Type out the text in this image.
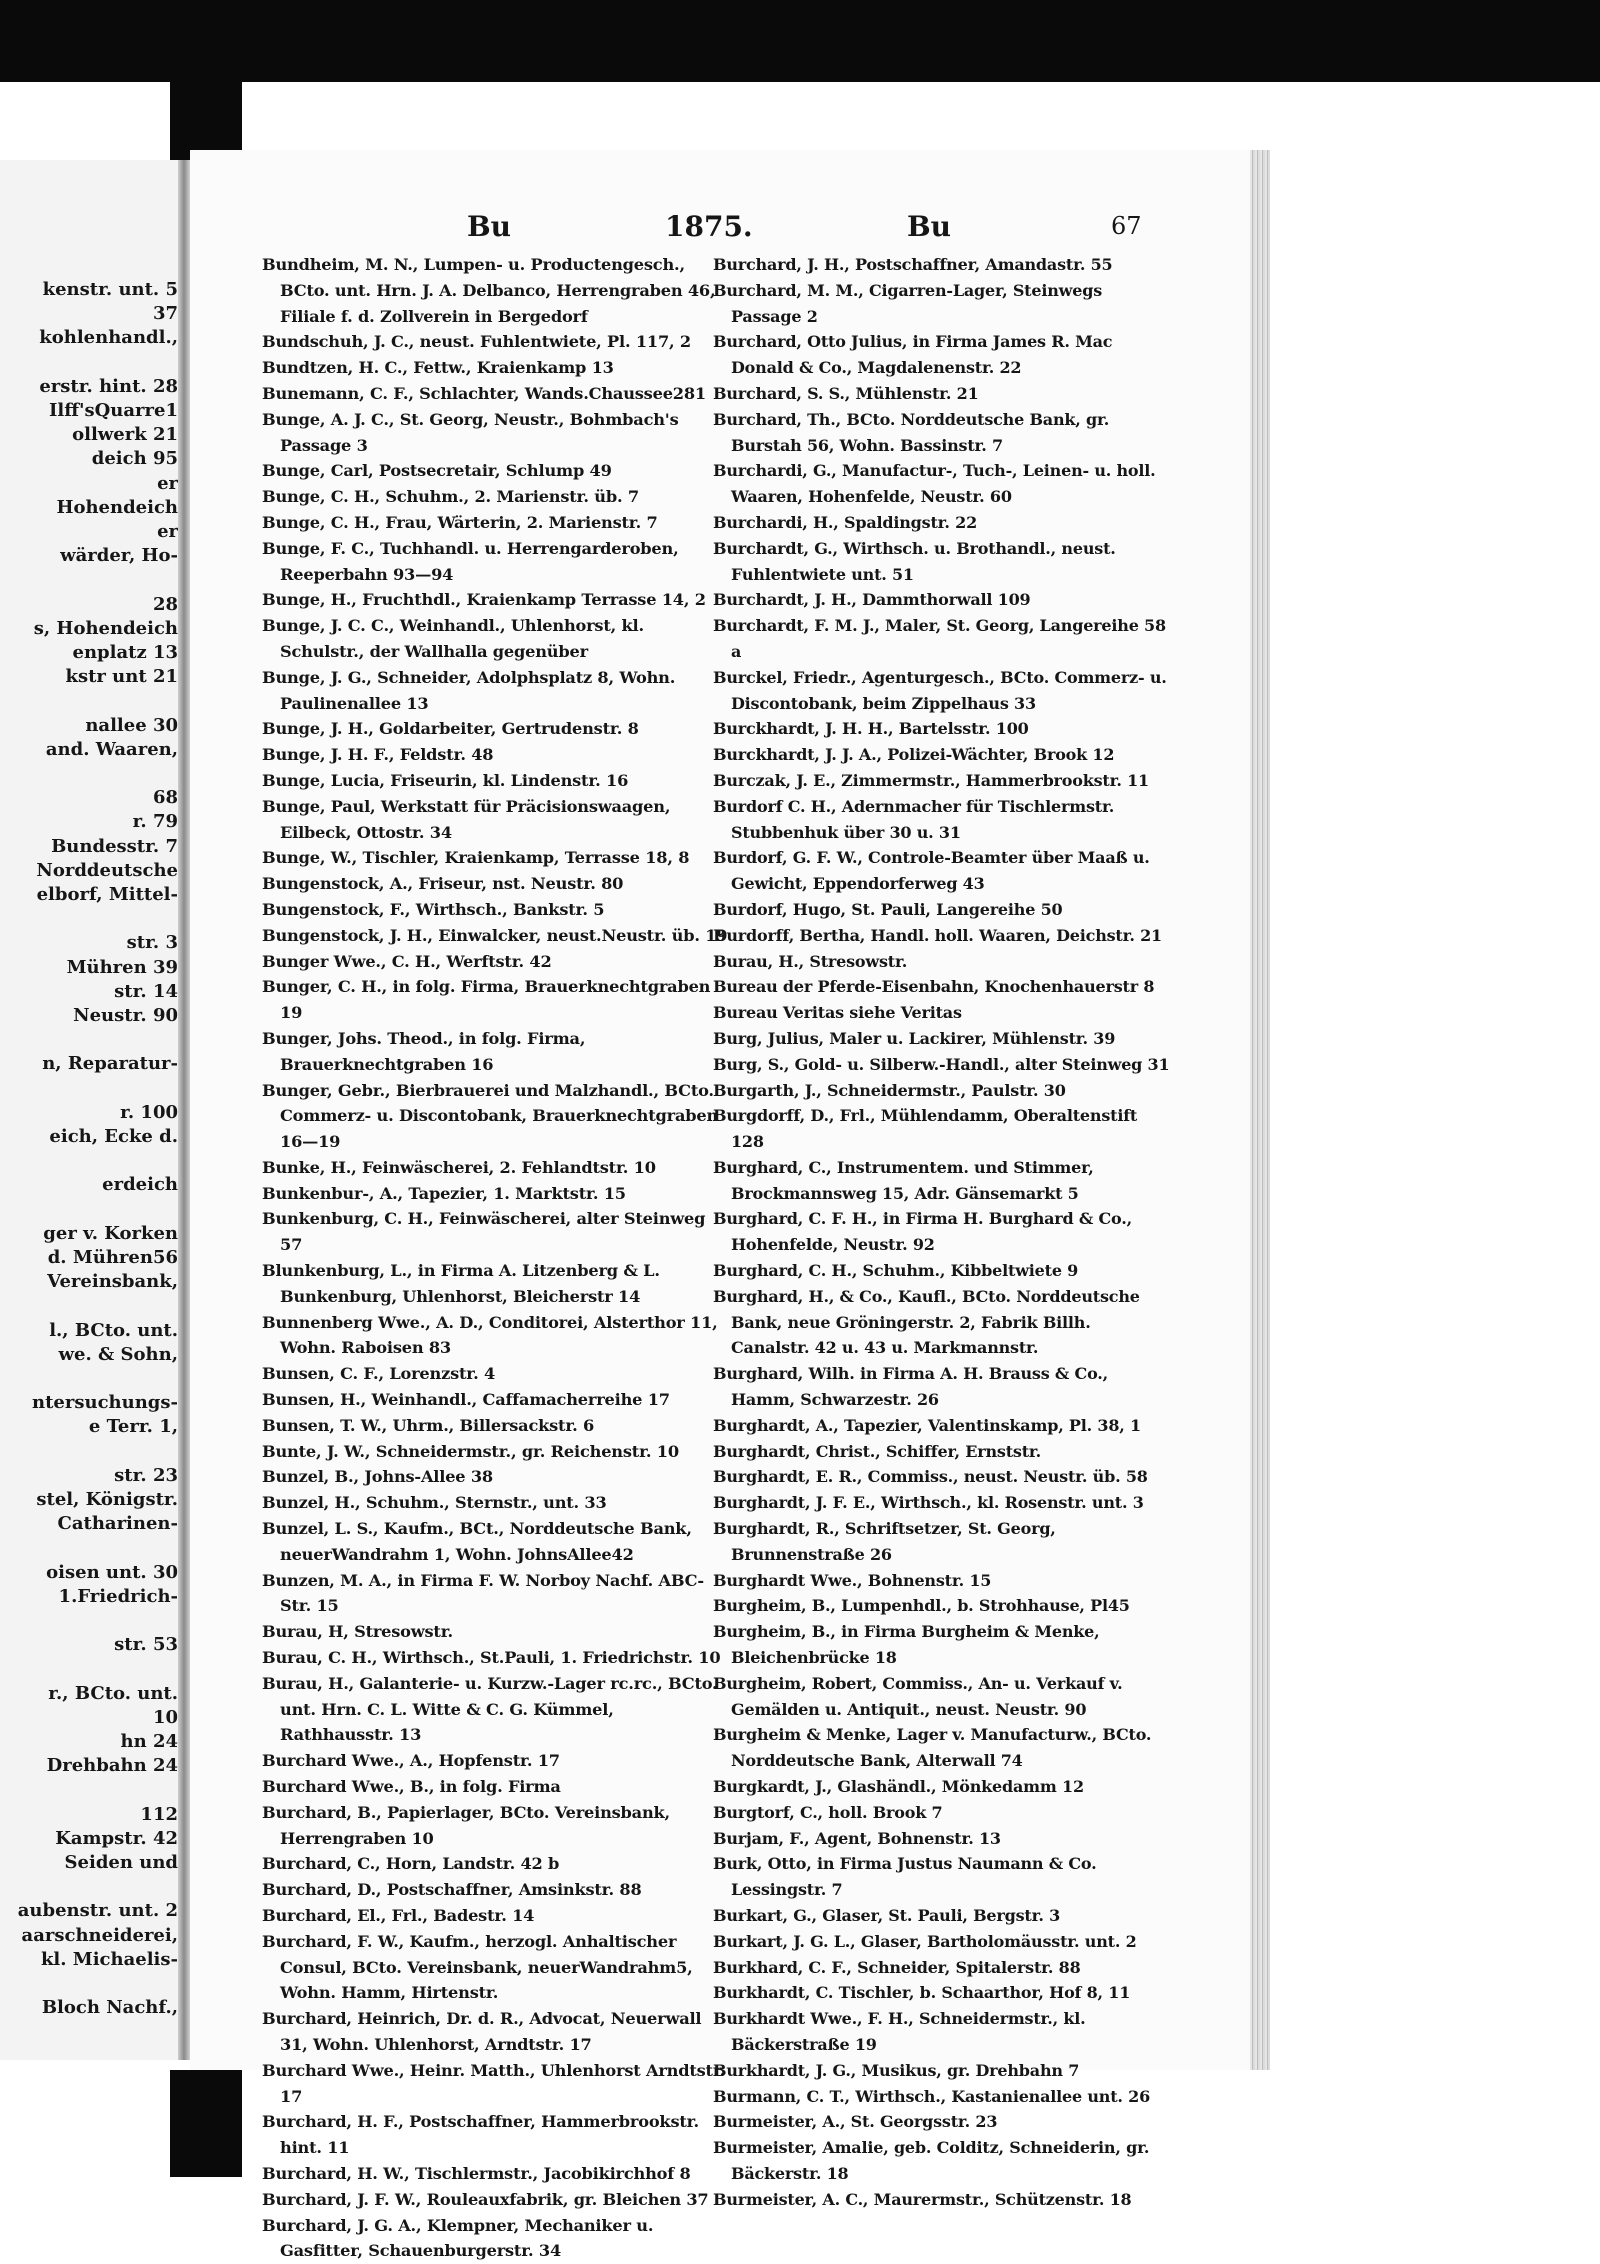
kenstr. unt. 5
37
kohlenhandl.,
erstr. hint. 28
Ilff'sQuarre1
ollwerk 21
deich 95
er
Hohendeich
er
wärder, Ho-
28
s, Hohendeich
enplatz 13
kstr unt 21
nallee 30
and. Waaren,
68
r. 79
Bundesstr. 7
Norddeutsche
elborf, Mittel-
str. 3
Mühren 39
str. 14
Neustr. 90
n, Reparatur-
r. 100
eich, Ecke d.
erdeich
ger v. Korken
d. Mühren56
Vereinsbank,
l., BCto. unt.
we. & Sohn,
ntersuchungs-
e Terr. 1,
str. 23
stel, Königstr.
Catharinen-
oisen unt. 30
1.Friedrich-
str. 53
r., BCto. unt.
10
hn 24
Drehbahn 24
112
Kampstr. 42
Seiden und
aubenstr. unt. 2
aarschneiderei,
kl. Michaelis-
Bloch Nachf.,
Bu	1875.	Bu	67
Bundheim, M. N., Lumpen- u. Productengesch., BCto. unt. Hrn. J. A. Delbanco, Herrengraben 46, Filiale f. d. Zollverein in Bergedorf
Bundschuh, J. C., neust. Fuhlentwiete, Pl. 117, 2
Bundtzen, H. C., Fettw., Kraienkamp 13
Bunemann, C. F., Schlachter, Wands.Chaussee281
Bunge, A. J. C., St. Georg, Neustr., Bohmbach's Passage 3
Bunge, Carl, Postsecretair, Schlump 49
Bunge, C. H., Schuhm., 2. Marienstr. üb. 7
Bunge, C. H., Frau, Wärterin, 2. Marienstr. 7
Bunge, F. C., Tuchhandl. u. Herrengarderoben, Reeperbahn 93—94
Bunge, H., Fruchthdl., Kraienkamp Terrasse 14, 2
Bunge, J. C. C., Weinhandl., Uhlenhorst, kl. Schulstr., der Wallhalla gegenüber
Bunge, J. G., Schneider, Adolphsplatz 8, Wohn. Paulinenallee 13
Bunge, J. H., Goldarbeiter, Gertrudenstr. 8
Bunge, J. H. F., Feldstr. 48
Bunge, Lucia, Friseurin, kl. Lindenstr. 16
Bunge, Paul, Werkstatt für Präcisionswaagen, Eilbeck, Ottostr. 34
Bunge, W., Tischler, Kraienkamp, Terrasse 18, 8
Bungenstock, A., Friseur, nst. Neustr. 80
Bungenstock, F., Wirthsch., Bankstr. 5
Bungenstock, J. H., Einwalcker, neust.Neustr. üb. 19
Bunger Wwe., C. H., Werftstr. 42
Bunger, C. H., in folg. Firma, Brauerknechtgraben 19
Bunger, Johs. Theod., in folg. Firma, Brauerknechtgraben 16
Bunger, Gebr., Bierbrauerei und Malzhandl., BCto. Commerz- u. Discontobank, Brauerknechtgraben 16—19
Bunke, H., Feinwäscherei, 2. Fehlandtstr. 10
Bunkenbur-, A., Tapezier, 1. Marktstr. 15
Bunkenburg, C. H., Feinwäscherei, alter Steinweg 57
Blunkenburg, L., in Firma A. Litzenberg & L. Bunkenburg, Uhlenhorst, Bleicherstr 14
Bunnenberg Wwe., A. D., Conditorei, Alsterthor 11, Wohn. Raboisen 83
Bunsen, C. F., Lorenzstr. 4
Bunsen, H., Weinhandl., Caffamacherreihe 17
Bunsen, T. W., Uhrm., Billersackstr. 6
Bunte, J. W., Schneidermstr., gr. Reichenstr. 10
Bunzel, B., Johns-Allee 38
Bunzel, H., Schuhm., Sternstr., unt. 33
Bunzel, L. S., Kaufm., BCt., Norddeutsche Bank, neuerWandrahm 1, Wohn. JohnsAllee42
Bunzen, M. A., in Firma F. W. Norboy Nachf. ABC-Str. 15
Burau, H, Stresowstr.
Burau, C. H., Wirthsch., St.Pauli, 1. Friedrichstr. 10
Burau, H., Galanterie- u. Kurzw.-Lager rc.rc., BCto. unt. Hrn. C. L. Witte & C. G. Kümmel, Rathhausstr. 13
Burchard Wwe., A., Hopfenstr. 17
Burchard Wwe., B., in folg. Firma
Burchard, B., Papierlager, BCto. Vereinsbank, Herrengraben 10
Burchard, C., Horn, Landstr. 42 b
Burchard, D., Postschaffner, Amsinkstr. 88
Burchard, El., Frl., Badestr. 14
Burchard, F. W., Kaufm., herzogl. Anhaltischer Consul, BCto. Vereinsbank, neuerWandrahm5, Wohn. Hamm, Hirtenstr.
Burchard, Heinrich, Dr. d. R., Advocat, Neuerwall 31, Wohn. Uhlenhorst, Arndtstr. 17
Burchard Wwe., Heinr. Matth., Uhlenhorst Arndtstr. 17
Burchard, H. F., Postschaffner, Hammerbrookstr. hint. 11
Burchard, H. W., Tischlermstr., Jacobikirchhof 8
Burchard, J. F. W., Rouleauxfabrik, gr. Bleichen 37
Burchard, J. G. A., Klempner, Mechaniker u. Gasfitter, Schauenburgerstr. 34
Burchard, J. H., Postschaffner, Amandastr. 55
Burchard, M. M., Cigarren-Lager, Steinwegs Passage 2
Burchard, Otto Julius, in Firma James R. Mac Donald & Co., Magdalenenstr. 22
Burchard, S. S., Mühlenstr. 21
Burchard, Th., BCto. Norddeutsche Bank, gr. Burstah 56, Wohn. Bassinstr. 7
Burchardi, G., Manufactur-, Tuch-, Leinen- u. holl. Waaren, Hohenfelde, Neustr. 60
Burchardi, H., Spaldingstr. 22
Burchardt, G., Wirthsch. u. Brothandl., neust. Fuhlentwiete unt. 51
Burchardt, J. H., Dammthorwall 109
Burchardt, F. M. J., Maler, St. Georg, Langereihe 58 a
Burckel, Friedr., Agenturgesch., BCto. Commerz- u. Discontobank, beim Zippelhaus 33
Burckhardt, J. H. H., Bartelsstr. 100
Burckhardt, J. J. A., Polizei-Wächter, Brook 12
Burczak, J. E., Zimmermstr., Hammerbrookstr. 11
Burdorf C. H., Adernmacher für Tischlermstr. Stubbenhuk über 30 u. 31
Burdorf, G. F. W., Controle-Beamter über Maaß u. Gewicht, Eppendorferweg 43
Burdorf, Hugo, St. Pauli, Langereihe 50
Burdorff, Bertha, Handl. holl. Waaren, Deichstr. 21
Burau, H., Stresowstr.
Bureau der Pferde-Eisenbahn, Knochenhauerstr 8
Bureau Veritas siehe Veritas
Burg, Julius, Maler u. Lackirer, Mühlenstr. 39
Burg, S., Gold- u. Silberw.-Handl., alter Steinweg 31
Burgarth, J., Schneidermstr., Paulstr. 30
Burgdorff, D., Frl., Mühlendamm, Oberaltenstift 128
Burghard, C., Instrumentem. und Stimmer, Brockmannsweg 15, Adr. Gänsemarkt 5
Burghard, C. F. H., in Firma H. Burghard & Co., Hohenfelde, Neustr. 92
Burghard, C. H., Schuhm., Kibbeltwiete 9
Burghard, H., & Co., Kaufl., BCto. Norddeutsche Bank, neue Gröningerstr. 2, Fabrik Billh. Canalstr. 42 u. 43 u. Markmannstr.
Burghard, Wilh. in Firma A. H. Brauss & Co., Hamm, Schwarzestr. 26
Burghardt, A., Tapezier, Valentinskamp, Pl. 38, 1
Burghardt, Christ., Schiffer, Ernststr.
Burghardt, E. R., Commiss., neust. Neustr. üb. 58
Burghardt, J. F. E., Wirthsch., kl. Rosenstr. unt. 3
Burghardt, R., Schriftsetzer, St. Georg, Brunnenstraße 26
Burghardt Wwe., Bohnenstr. 15
Burgheim, B., Lumpenhdl., b. Strohhause, Pl45
Burgheim, B., in Firma Burgheim & Menke, Bleichenbrücke 18
Burgheim, Robert, Commiss., An- u. Verkauf v. Gemälden u. Antiquit., neust. Neustr. 90
Burgheim & Menke, Lager v. Manufacturw., BCto. Norddeutsche Bank, Alterwall 74
Burgkardt, J., Glashändl., Mönkedamm 12
Burgtorf, C., holl. Brook 7
Burjam, F., Agent, Bohnenstr. 13
Burk, Otto, in Firma Justus Naumann & Co. Lessingstr. 7
Burkart, G., Glaser, St. Pauli, Bergstr. 3
Burkart, J. G. L., Glaser, Bartholomäusstr. unt. 2
Burkhard, C. F., Schneider, Spitalerstr. 88
Burkhardt, C. Tischler, b. Schaarthor, Hof 8, 11
Burkhardt Wwe., F. H., Schneidermstr., kl. Bäckerstraße 19
Burkhardt, J. G., Musikus, gr. Drehbahn 7
Burmann, C. T., Wirthsch., Kastanienallee unt. 26
Burmeister, A., St. Georgsstr. 23
Burmeister, Amalie, geb. Colditz, Schneiderin, gr. Bäckerstr. 18
Burmeister, A. C., Maurermstr., Schützenstr. 18
